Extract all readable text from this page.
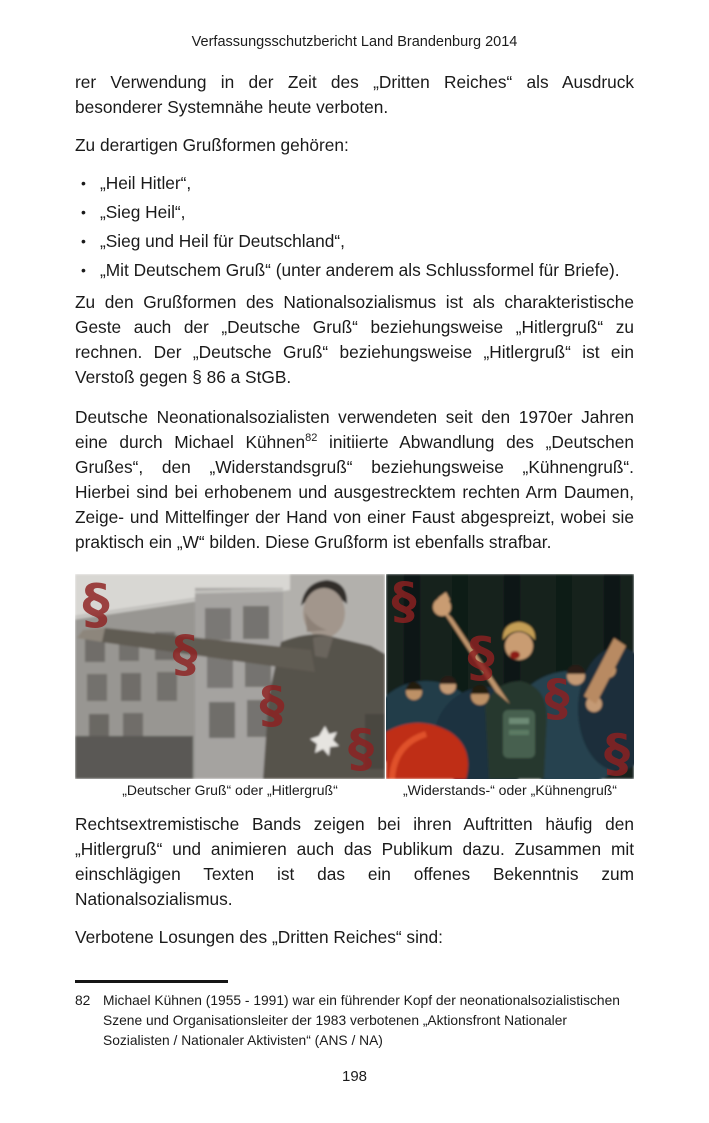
Verfassungsschutzbericht Land Brandenburg 2014

rer Verwendung in der Zeit des „Dritten Reiches“ als Ausdruck besonderer Systemnähe heute verboten.

Zu derartigen Grußformen gehören:

• „Heil Hitler“,
• „Sieg Heil“,
• „Sieg und Heil für Deutschland“,
• „Mit Deutschem Gruß“ (unter anderem als Schlussformel für Briefe).

Zu den Grußformen des Nationalsozialismus ist als charakteristische Geste auch der „Deutsche Gruß“ beziehungsweise „Hitlergruß“ zu rechnen. Der „Deutsche Gruß“ beziehungsweise „Hitlergruß“ ist ein Verstoß gegen § 86 a StGB.

Deutsche Neonationalsozialisten verwendeten seit den 1970er Jahren eine durch Michael Kühnen$^{82}$ initiierte Abwandlung des „Deutschen Grußes“, den „Widerstandsgruß“ beziehungsweise „Kühnengruß“. Hierbei sind bei erhobenem und ausgestrecktem rechten Arm Daumen, Zeige- und Mittelfinger der Hand von einer Faust abgespreizt, wobei sie praktisch ein „W“ bilden. Diese Grußform ist ebenfalls strafbar.

§
§
§
§
„Deutscher Gruß“ oder „Hitlergruß“
§
§
§
§
„Widerstands-“ oder „Kühnengruß“

Rechtsextremistische Bands zeigen bei ihren Auftritten häufig den „Hitlergruß“ und animieren auch das Publikum dazu. Zusammen mit einschlägigen Texten ist das ein offenes Bekenntnis zum Nationalsozialismus.

Verbotene Losungen des „Dritten Reiches“ sind:

82 Michael Kühnen (1955 - 1991) war ein führender Kopf der neonationalsozialistischen Szene und Organisationsleiter der 1983 verbotenen „Aktionsfront Nationaler Sozialisten / Nationaler Aktivisten“ (ANS / NA)
198
